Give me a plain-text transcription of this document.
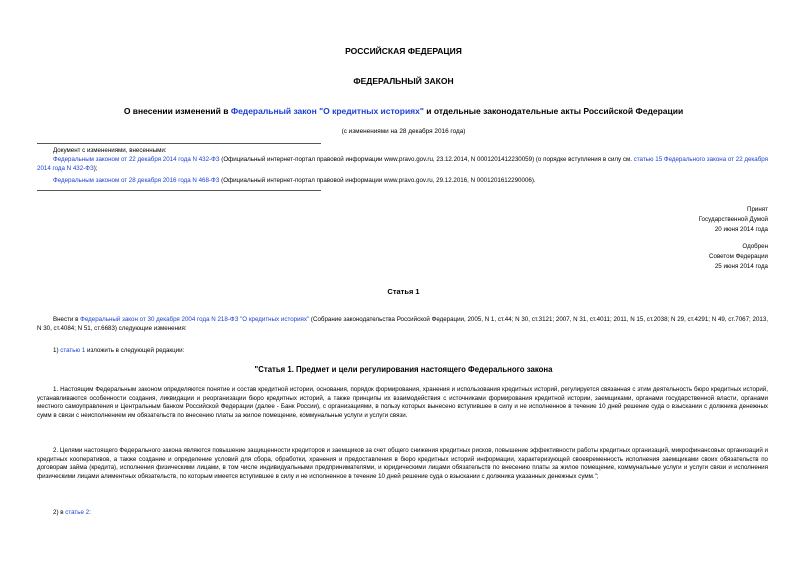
РОССИЙСКАЯ ФЕДЕРАЦИЯ
ФЕДЕРАЛЬНЫЙ ЗАКОН
О внесении изменений в Федеральный закон "О кредитных историях" и отдельные законодательные акты Российской Федерации
(с изменениями на 28 декабря 2016 года)
Документ с изменениями, внесенными:
Федеральным законом от 22 декабря 2014 года N 432-ФЗ (Официальный интернет-портал правовой информации www.pravo.gov.ru, 23.12.2014, N 0001201412230059) (о порядке вступления в силу см. статью 15 Федерального закона от 22 декабря 2014 года N 432-ФЗ);
Федеральным законом от 28 декабря 2016 года N 468-ФЗ (Официальный интернет-портал правовой информации www.pravo.gov.ru, 29.12.2016, N 0001201612290006).
Принят
Государственной Думой
20 июня 2014 года
Одобрен
Советом Федерации
25 июня 2014 года
Статья 1
Внести в Федеральный закон от 30 декабря 2004 года N 218-ФЗ "О кредитных историях" (Собрание законодательства Российской Федерации, 2005, N 1, ст.44; N 30, ст.3121; 2007, N 31, ст.4011; 2011, N 15, ст.2038; N 29, ст.4291; N 49, ст.7067; 2013, N 30, ст.4084; N 51, ст.6683) следующие изменения:
1) статью 1 изложить в следующей редакции:
"Статья 1. Предмет и цели регулирования настоящего Федерального закона
1. Настоящим Федеральным законом определяются понятие и состав кредитной истории, основания, порядок формирования, хранения и использования кредитных историй, регулируется связанная с этим деятельность бюро кредитных историй, устанавливаются особенности создания, ликвидации и реорганизации бюро кредитных историй, а также принципы их взаимодействия с источниками формирования кредитной истории, заемщиками, органами государственной власти, органами местного самоуправления и Центральным банком Российской Федерации (далее - Банк России), с организациями, в пользу которых вынесено вступившее в силу и не исполненное в течение 10 дней решение суда о взыскании с должника денежных сумм в связи с неисполнением им обязательств по внесению платы за жилое помещение, коммунальные услуги и услуги связи.
2. Целями настоящего Федерального закона являются повышение защищенности кредиторов и заемщиков за счет общего снижения кредитных рисков, повышение эффективности работы кредитных организаций, микрофинансовых организаций и кредитных кооперативов, а также создание и определение условий для сбора, обработки, хранения и предоставления в бюро кредитных историй информации, характеризующей своевременность исполнения заемщиками своих обязательств по договорам займа (кредита), исполнения физическими лицами, в том числе индивидуальными предпринимателями, и юридическими лицами обязательств по внесению платы за жилое помещение, коммунальные услуги и услуги связи и исполнения физическими лицами алиментных обязательств, по которым имеется вступившее в силу и не исполненное в течение 10 дней решение суда о взыскании с должника указанных денежных сумм.";
2) в статье 2:
